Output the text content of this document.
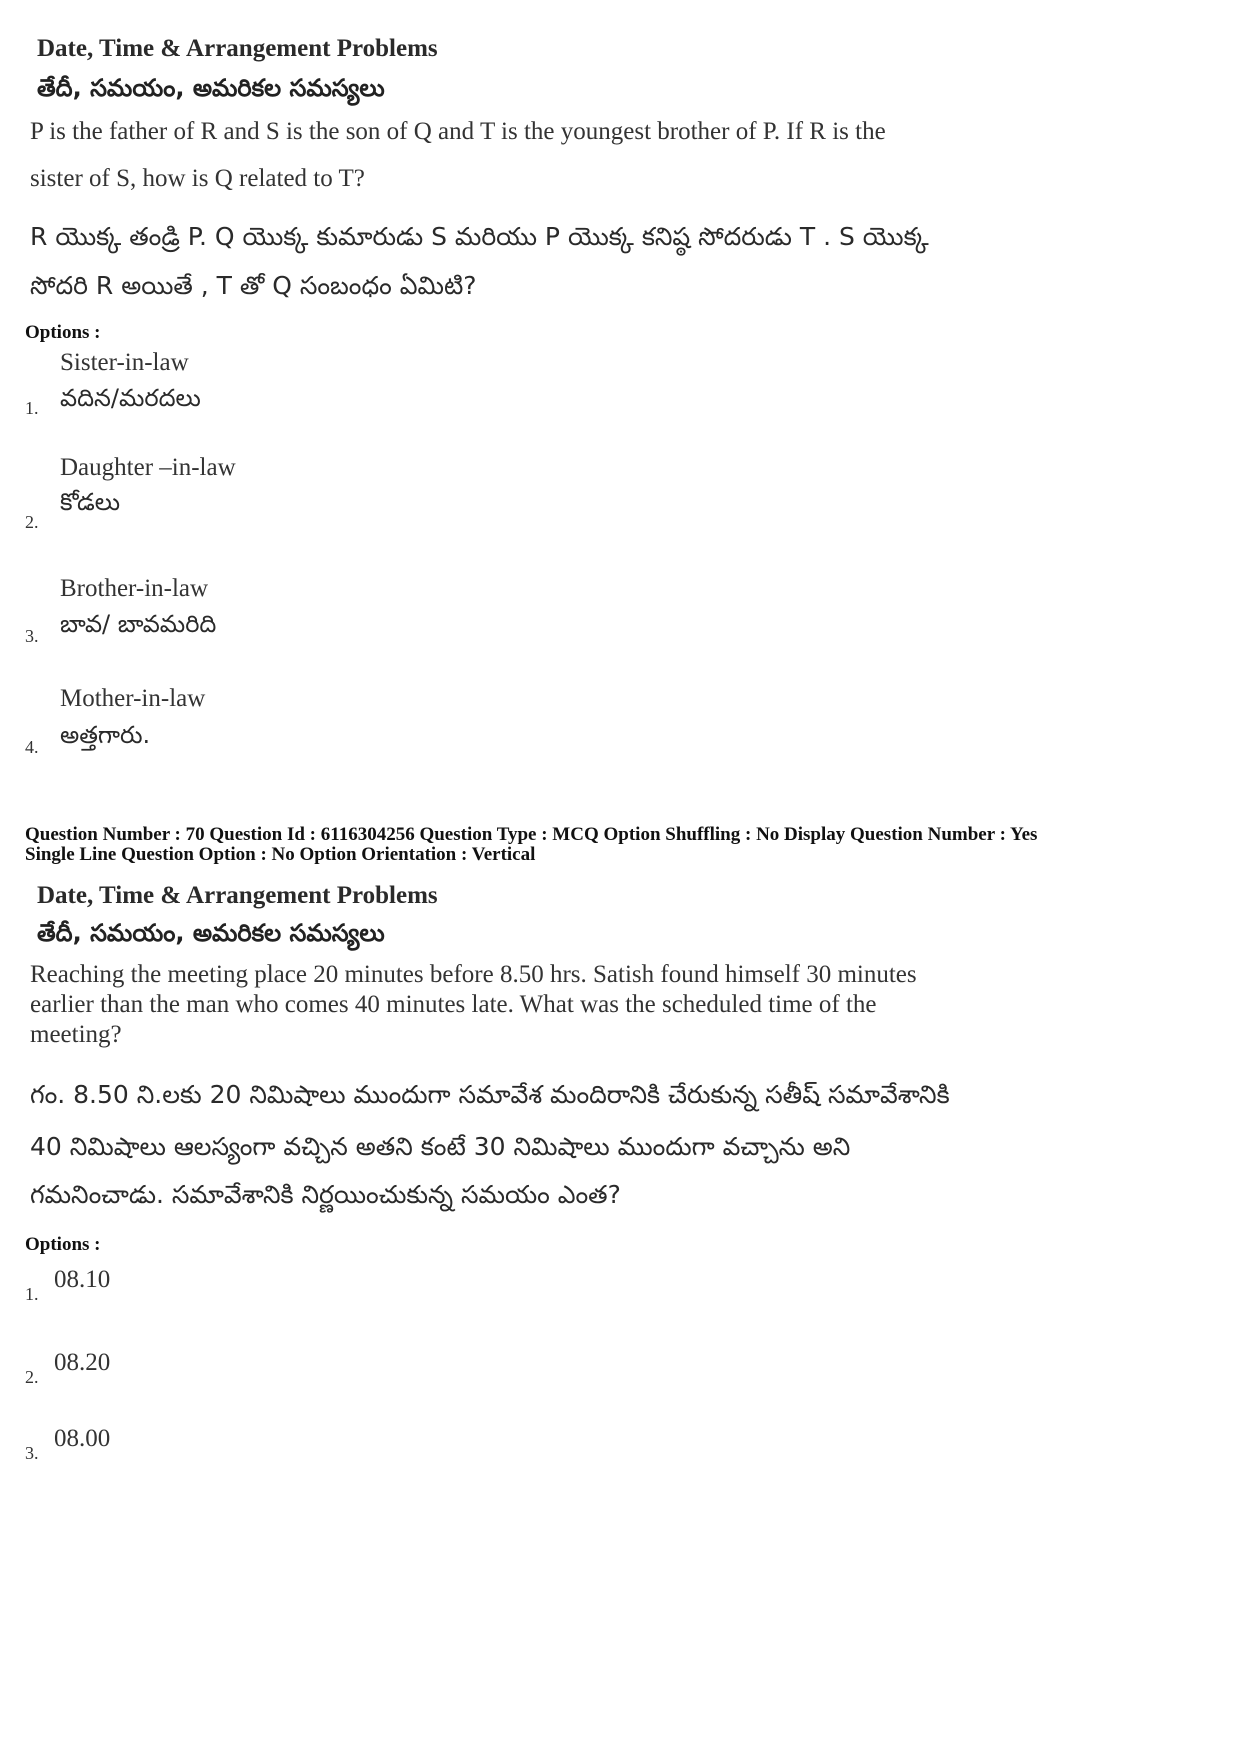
Date, Time & Arrangement Problems
తేదీ, సమయం, అమరికల సమస్యలు
P is the father of R and S is the son of Q and T is the youngest brother of P. If R is the
sister of S, how is Q related to T?
R యొక్క తండ్రి P. Q యొక్క కుమారుడు S మరియు P యొక్క కనిష్ఠ సోదరుడు T . S యొక్క
సోదరి R అయితే , T తో Q సంబంధం ఏమిటి?
Options :
Sister-in-law
వదిన/మరదలు
1.
Daughter –in-law
కోడలు
2.
Brother-in-law
బావ/ బావమరిది
3.
Mother-in-law
అత్తగారు.
4.
Question Number : 70 Question Id : 6116304256 Question Type : MCQ Option Shuffling : No Display Question Number : Yes
Single Line Question Option : No Option Orientation : Vertical
Date, Time & Arrangement Problems
తేదీ, సమయం, అమరికల సమస్యలు
Reaching the meeting place 20 minutes before 8.50 hrs. Satish found himself 30 minutes
earlier than the man who comes 40 minutes late. What was the scheduled time of the
meeting?
గం. 8.50 ని.లకు 20 నిమిషాలు ముందుగా సమావేశ మందిరానికి చేరుకున్న సతీష్ సమావేశానికి
40 నిమిషాలు ఆలస్యంగా వచ్చిన అతని కంటే 30 నిమిషాలు ముందుగా వచ్చాను అని
గమనించాడు. సమావేశానికి నిర్ణయించుకున్న సమయం ఎంత?
Options :
08.10
1.
08.20
2.
08.00
3.
